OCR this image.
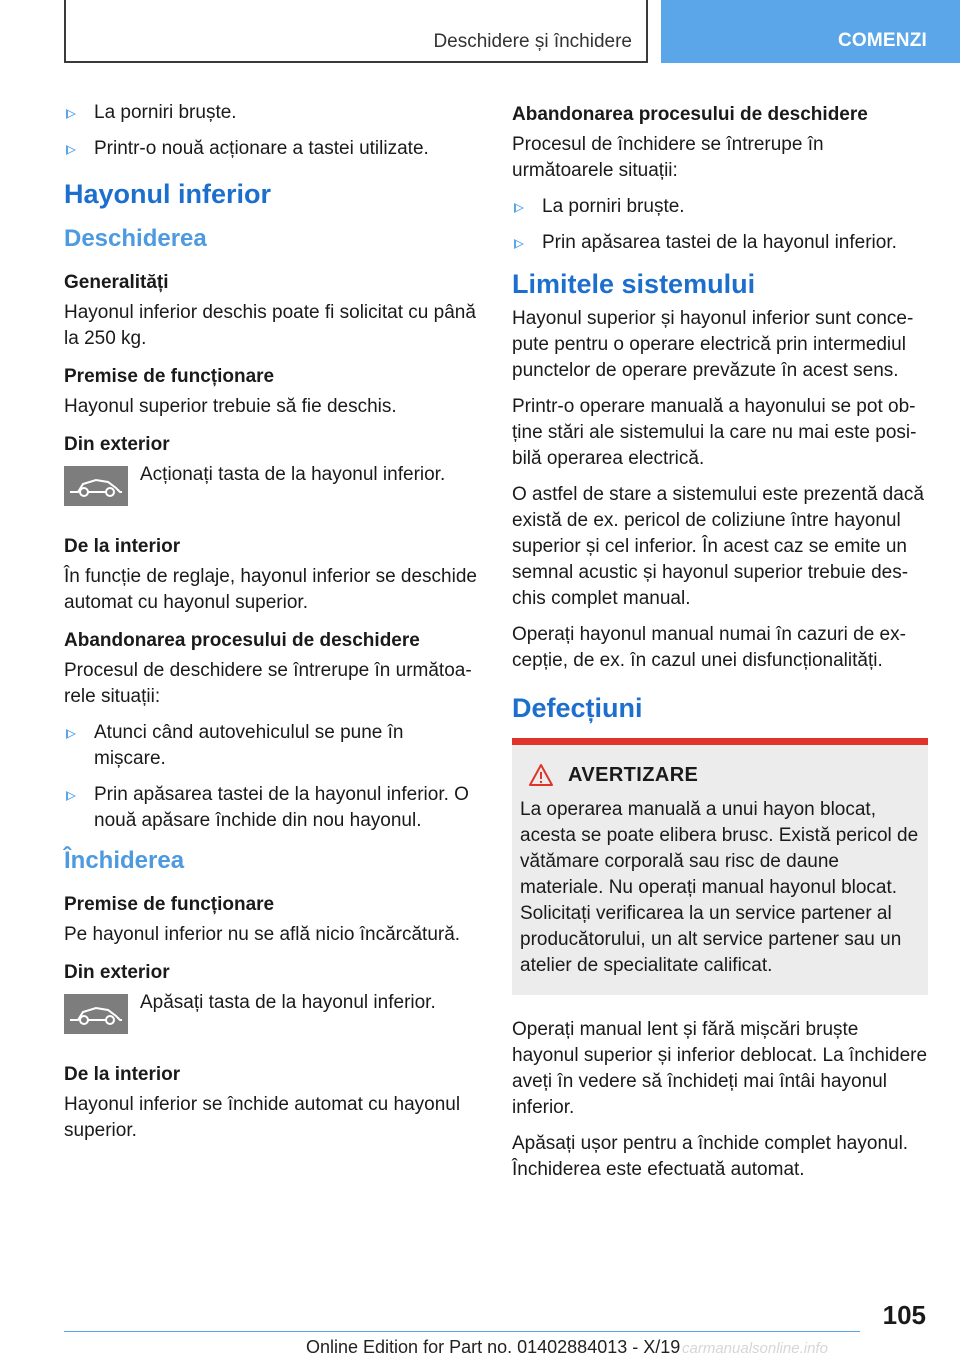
Deschidere și închidere	COMENZI
La porniri bruște.
Printr-o nouă acționare a tastei utilizate.
Hayonul inferior
Deschiderea
Generalități

Hayonul inferior deschis poate fi solicitat cu până la 250 kg.

Premise de funcționare

Hayonul superior trebuie să fie deschis.

Din exterior

Acționați tasta de la hayonul inferior.

De la interior

În funcție de reglaje, hayonul inferior se deschide automat cu hayonul superior.

Abandonarea procesului de deschidere

Procesul de deschidere se întrerupe în următoarele situații:

Atunci când autovehiculul se pune în mișcare.
Prin apăsarea tastei de la hayonul inferior. O nouă apăsare închide din nou hayonul.
Închiderea
Premise de funcționare

Pe hayonul inferior nu se află nicio încărcătură.

Din exterior

Apăsați tasta de la hayonul inferior.

De la interior

Hayonul inferior se închide automat cu hayonul superior.

Abandonarea procesului de deschidere

Procesul de închidere se întrerupe în următoarele situații:

La porniri bruște.
Prin apăsarea tastei de la hayonul inferior.
Limitele sistemului

Hayonul superior și hayonul inferior sunt concepute pentru o operare electrică prin intermediul punctelor de operare prevăzute în acest sens.

Printr-o operare manuală a hayonului se pot obține stări ale sistemului la care nu mai este posibilă operarea electrică.

O astfel de stare a sistemului este prezentă dacă există de ex. pericol de coliziune între hayonul superior și cel inferior. În acest caz se emite un semnal acustic și hayonul superior trebuie deschis complet manual.

Operați hayonul manual numai în cazuri de excepție, de ex. în cazul unei disfuncționalități.

Defecțiuni
AVERTIZARE

La operarea manuală a unui hayon blocat, acesta se poate elibera brusc. Există pericol de vătămare corporală sau risc de daune materiale. Nu operați manual hayonul blocat. Solicitați verificarea la un service partener al producătorului, un alt service partener sau un atelier de specialitate calificat.

Operați manual lent și fără mișcări bruște hayonul superior și inferior deblocat. La închidere aveți în vedere să închideți mai întâi hayonul inferior.

Apăsați ușor pentru a închide complet hayonul. Închiderea este efectuată automat.

105
Online Edition for Part no. 01402884013 - X/19 carmanualsonline.info
